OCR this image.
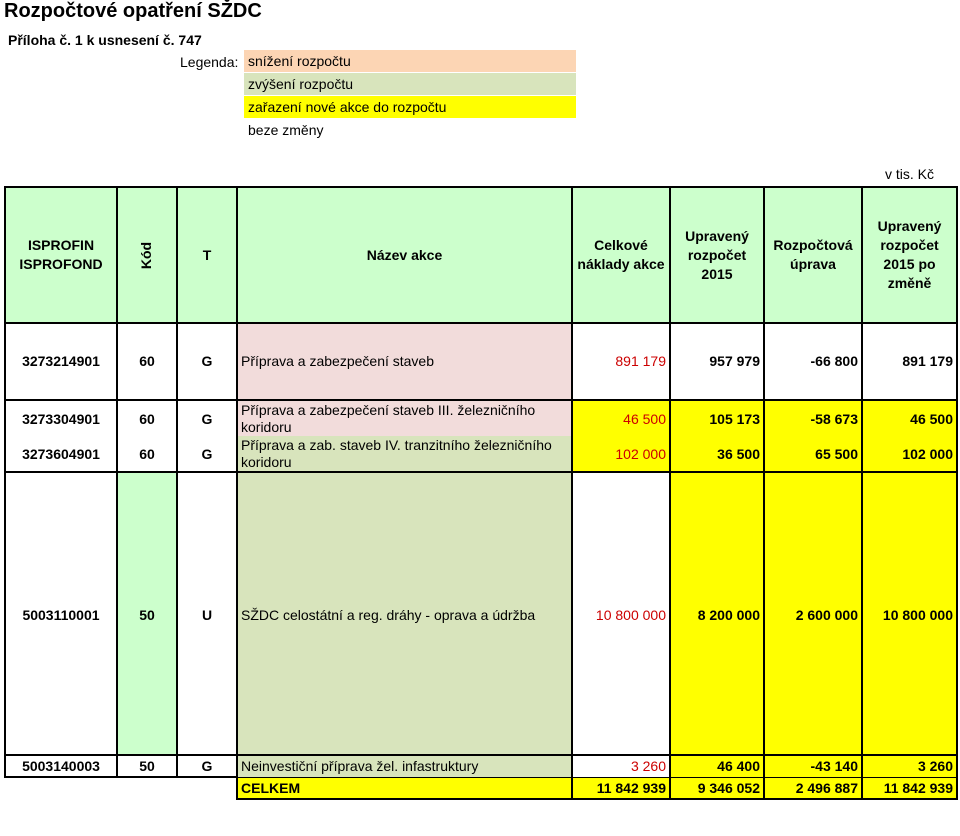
Rozpočtové opatření SŽDC
Příloha č. 1 k usnesení č. 747
Legenda: snížení rozpočtu
zvýšení rozpočtu
zařazení nové akce do rozpočtu
beze změny
v tis. Kč
ISPROFIN ISPROFOND	Kód	T	Název akce	Celkové náklady akce	Upravený rozpočet 2015	Rozpočtová úprava	Upravený rozpočet 2015 po změně

3273214901	60	G	Příprava a zabezpečení staveb	891 179	957 979	-66 800	891 179

3273304901	60	G	Příprava a zabezpečení staveb III. železničního koridoru	46 500	105 173	-58 673	46 500
3273604901	60	G	Příprava a zab. staveb IV. tranzitního železničního koridoru	102 000	36 500	65 500	102 000

5003110001	50	U	SŽDC celostátní a reg. dráhy - oprava a údržba	10 800 000	8 200 000	2 600 000	10 800 000

5003140003	50	G	Neinvestiční příprava žel. infastruktury	3 260	46 400	-43 140	3 260
			CELKEM	11 842 939	9 346 052	2 496 887	11 842 939
